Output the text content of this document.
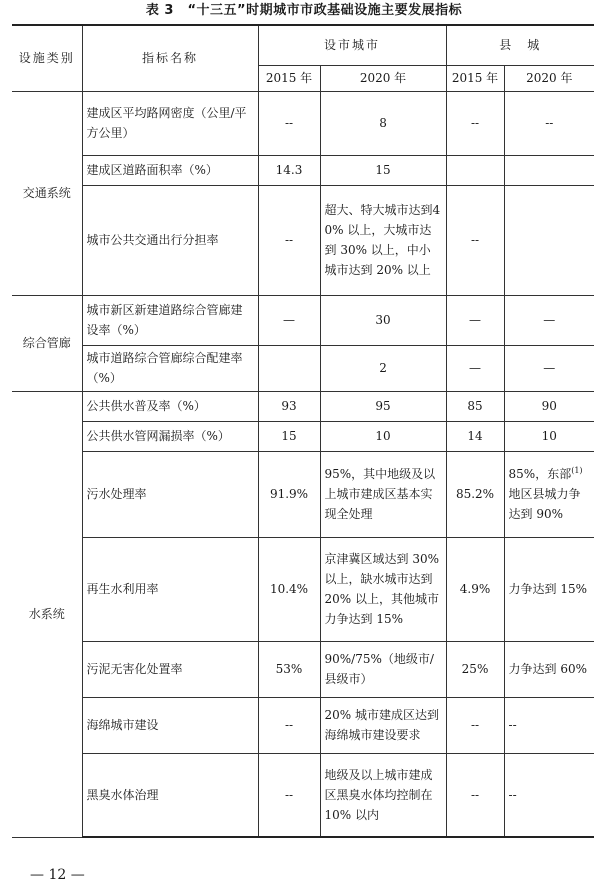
表 3　“十三五”时期城市市政基础设施主要发展指标
设施类别	指标名称	设市城市		县　城	
		2015 年	2020 年	2015 年	2020 年
交通系统	建成区平均路网密度（公里/平方公里）	--	8	--	--
	建成区道路面积率（%）	14.3	15		
	城市公共交通出行分担率	--	超大、特大城市达到40% 以上，大城市达到 30% 以上，中小城市达到 20% 以上	--	
综合管廊	城市新区新建道路综合管廊建设率（%）	—	30	—	—
	城市道路综合管廊综合配建率（%）		2	—	—
水系统	公共供水普及率（%）	93	95	85	90
	公共供水管网漏损率（%）	15	10	14	10
	污水处理率	91.9%	95%，其中地级及以上城市建成区基本实现全处理	85.2%	85%，东部$^{(1)}$地区县城力争达到 90%
	再生水利用率	10.4%	京津冀区域达到 30% 以上，缺水城市达到 20% 以上，其他城市力争达到 15%	4.9%	力争达到 15%
	污泥无害化处置率	53%	90%/75%（地级市/县级市）	25%	力争达到 60%
	海绵城市建设	--	20% 城市建成区达到海绵城市建设要求	--	--
	黑臭水体治理	--	地级及以上城市建成区黑臭水体均控制在 10% 以内	--	--
— 12 —
